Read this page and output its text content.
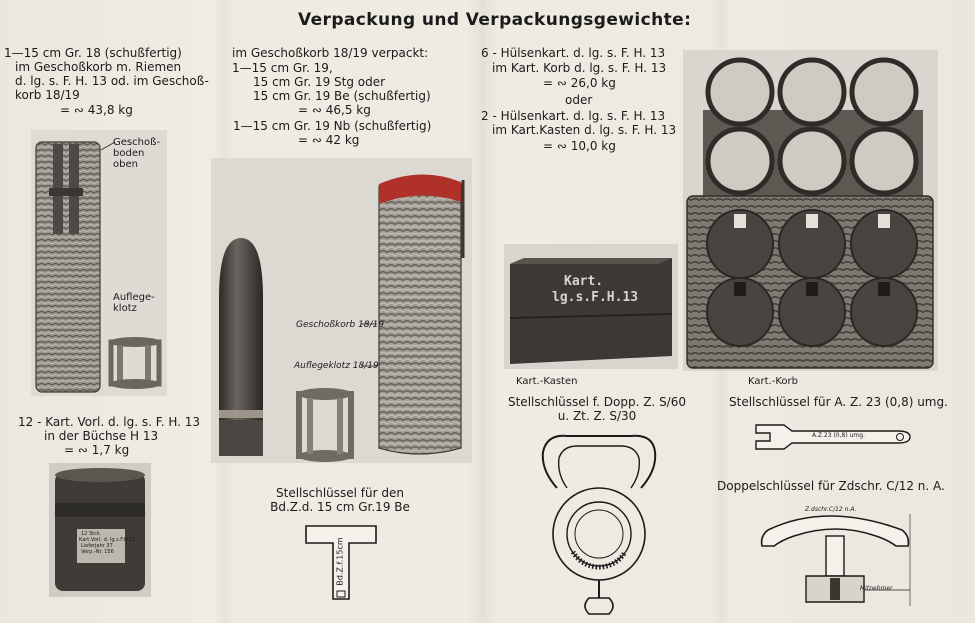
Verpackung und Verpackungsgewichte:
1—15 cm Gr. 18 (schußfertig)
im Geschoßkorb m. Riemen
d. lg. s. F. H. 13 od. im Geschoß-
korb 18/19
= ∾ 43,8 kg
Geschoß-
boden
oben
Auflege-
klotz
12 - Kart. Vorl. d. lg. s. F. H. 13
in der Büchse H 13
= ∾ 1,7 kg
12 Stck.
Kart.Vorl. d. lg.s.F.H.13
Lieferjahr 37
Verp.-Nr. 156
im Geschoßkorb 18/19 verpackt:
1—15 cm Gr. 19,
15 cm Gr. 19 Stg oder
15 cm Gr. 19 Be (schußfertig)
= ∾ 46,5 kg
1—15 cm Gr. 19 Nb (schußfertig)
= ∾ 42 kg
Geschoßkorb 18/19
Auflegeklotz 18/19
Stellschlüssel für den
Bd.Z.d. 15 cm Gr.19 Be
Bd.Z.f.15cm
6 - Hülsenkart. d. lg. s. F. H. 13
im Kart. Korb d. lg. s. F. H. 13
= ∾ 26,0 kg
oder
2 - Hülsenkart. d. lg. s. F. H. 13
im Kart.Kasten d. lg. s. F. H. 13
= ∾ 10,0 kg
Kart.
lg.s.F.H.13
Kart.-Kasten
Stellschlüssel f. Dopp. Z. S/60
u. Zt. Z. S/30
Kart.-Korb
Stellschlüssel für A. Z. 23 (0,8) umg.
A.Z.23 (0,8) umg.
Doppelschlüssel für Zdschr. C/12 n. A.
Z.dschr.C/12 n.A.
Mitnehmer
